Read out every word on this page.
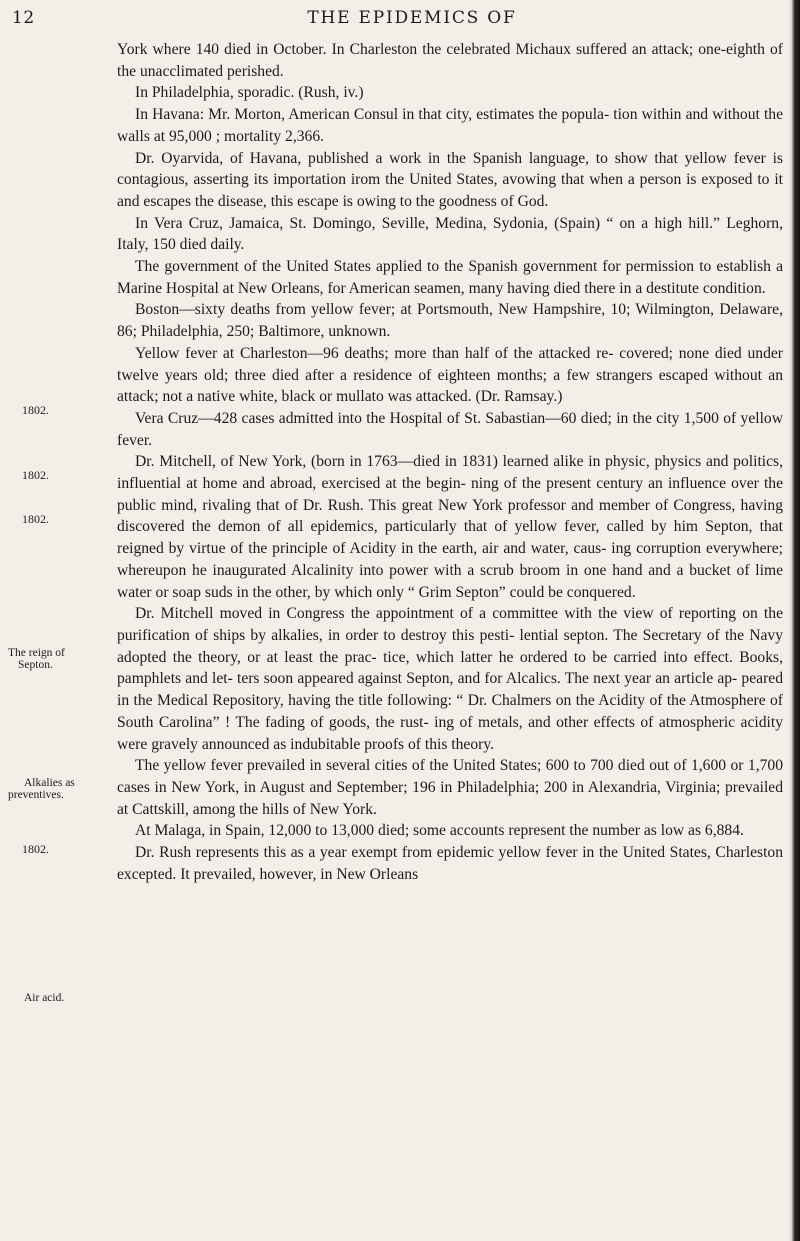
12	THE EPIDEMICS OF

York where 140 died in October. In Charleston the celebrated Michaux suffered an attack; one-eighth of the unacclimated perished.

In Philadelphia, sporadic. (Rush, iv.)

In Havana: Mr. Morton, American Consul in that city, estimates the popula- tion within and without the walls at 95,000 ; mortality 2,366.

Dr. Oyarvida, of Havana, published a work in the Spanish language, to show that yellow fever is contagious, asserting its importation irom the United States, avowing that when a person is exposed to it and escapes the disease, this escape is owing to the goodness of God.

In Vera Cruz, Jamaica, St. Domingo, Seville, Medina, Sydonia, (Spain) “ on a high hill.” Leghorn, Italy, 150 died daily.

The government of the United States applied to the Spanish government for permission to establish a Marine Hospital at New Orleans, for American seamen, many having died there in a destitute condition.

Boston—sixty deaths from yellow fever; at Portsmouth, New Hampshire, 10; Wilmington, Delaware, 86; Philadelphia, 250; Baltimore, unknown.

Yellow fever at Charleston—96 deaths; more than half of the attacked re- covered; none died under twelve years old; three died after a residence of eighteen months; a few strangers escaped without an attack; not a native white, black or mullato was attacked. (Dr. Ramsay.)

Vera Cruz—428 cases admitted into the Hospital of St. Sabastian—60 died; in the city 1,500 of yellow fever.

Dr. Mitchell, of New York, (born in 1763—died in 1831) learned alike in physic, physics and politics, influential at home and abroad, exercised at the begin- ning of the present century an influence over the public mind, rivaling that of Dr. Rush. This great New York professor and member of Congress, having discovered the demon of all epidemics, particularly that of yellow fever, called by him Septon, that reigned by virtue of the principle of Acidity in the earth, air and water, caus- ing corruption everywhere; whereupon he inaugurated Alcalinity into power with a scrub broom in one hand and a bucket of lime water or soap suds in the other, by which only “ Grim Septon” could be conquered.

Dr. Mitchell moved in Congress the appointment of a committee with the view of reporting on the purification of ships by alkalies, in order to destroy this pesti- lential septon. The Secretary of the Navy adopted the theory, or at least the prac- tice, which latter he ordered to be carried into effect. Books, pamphlets and let- ters soon appeared against Septon, and for Alcalics. The next year an article ap- peared in the Medical Repository, having the title following: “ Dr. Chalmers on the Acidity of the Atmosphere of South Carolina” ! The fading of goods, the rust- ing of metals, and other effects of atmospheric acidity were gravely announced as indubitable proofs of this theory.

The yellow fever prevailed in several cities of the United States; 600 to 700 died out of 1,600 or 1,700 cases in New York, in August and September; 196 in Philadelphia; 200 in Alexandria, Virginia; prevailed at Cattskill, among the hills of New York.

At Malaga, in Spain, 12,000 to 13,000 died; some accounts represent the number as low as 6,884.

Dr. Rush represents this as a year exempt from epidemic yellow fever in the United States, Charleston excepted. It prevailed, however, in New Orleans

1802.
1802.
1802.
The reign of
Septon.
Alkalies as
preventives.
1802.
Air acid.
